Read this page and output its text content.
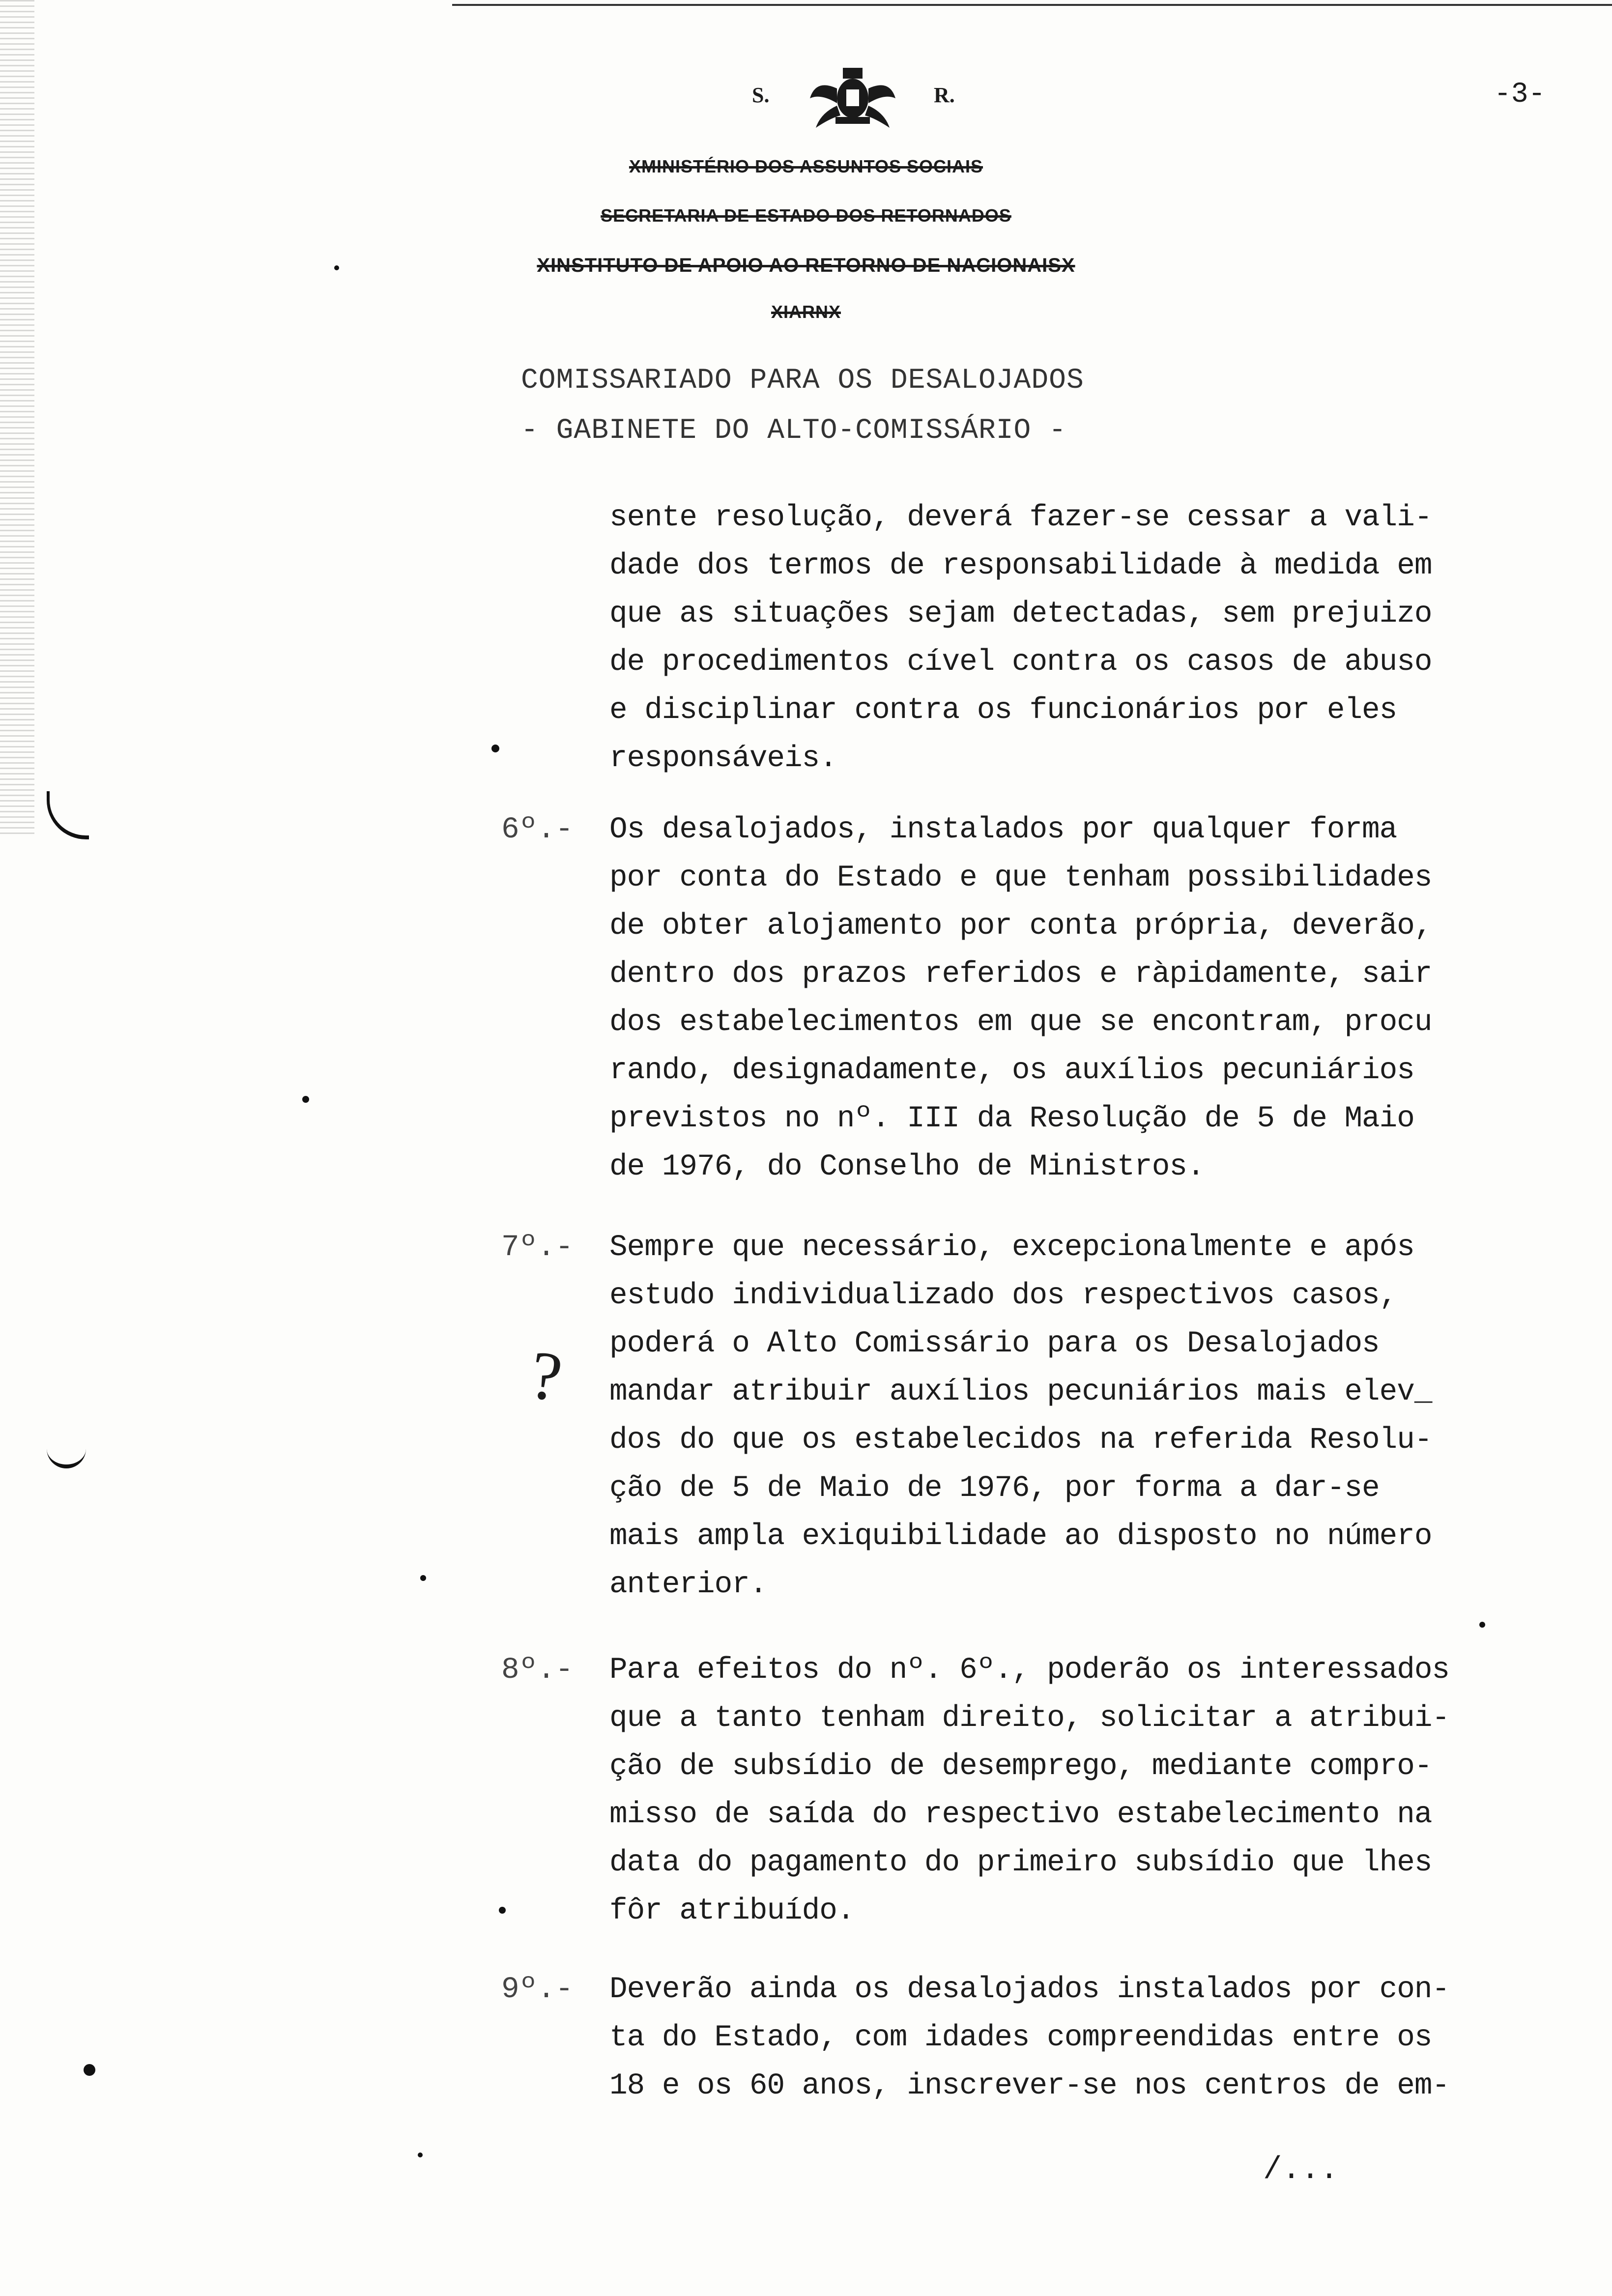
S.	R.	-3-
XMINISTÉRIO DOS ASSUNTOS SOCIAIS
SECRETARIA DE ESTADO DOS RETORNADOS
XINSTITUTO DE APOIO AO RETORNO DE NACIONAISX
XIARNX
COMISSARIADO PARA OS DESALOJADOS
- GABINETE DO ALTO-COMISSÁRIO -
sente resolução, deverá fazer-se cessar a vali-
dade dos termos de responsabilidade à medida em
que as situações sejam detectadas, sem prejuizo
de procedimentos cível contra os casos de abuso
e disciplinar contra os funcionários por eles
responsáveis.
6º.-	Os desalojados, instalados por qualquer forma
por conta do Estado e que tenham possibilidades
de obter alojamento por conta própria, deverão,
dentro dos prazos referidos e ràpidamente, sair
dos estabelecimentos em que se encontram, procu
rando, designadamente, os auxílios pecuniários
previstos no nº. III da Resolução de 5 de Maio
de 1976, do Conselho de Ministros.
7º.-	Sempre que necessário, excepcionalmente e após
estudo individualizado dos respectivos casos,
poderá o Alto Comissário para os Desalojados
mandar atribuir auxílios pecuniários mais elev_
dos do que os estabelecidos na referida Resolu-
ção de 5 de Maio de 1976, por forma a dar-se
mais ampla exiquibilidade ao disposto no número
anterior.
?
8º.-	Para efeitos do nº. 6º., poderão os interessados
que a tanto tenham direito, solicitar a atribui-
ção de subsídio de desemprego, mediante compro-
misso de saída do respectivo estabelecimento na
data do pagamento do primeiro subsídio que lhes
fôr atribuído.
9º.-	Deverão ainda os desalojados instalados por con-
ta do Estado, com idades compreendidas entre os
18 e os 60 anos, inscrever-se nos centros de em-
/...
